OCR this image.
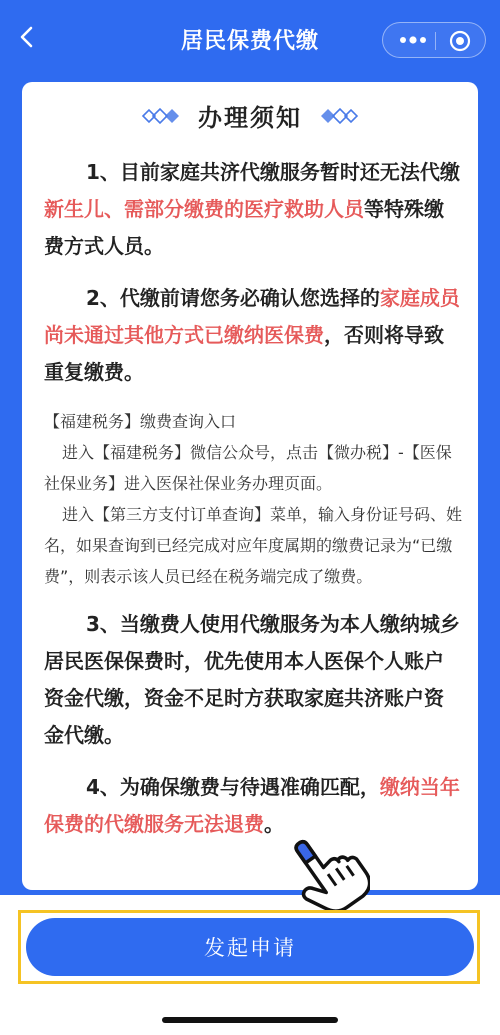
居民保费代缴
办理须知

1、目前家庭共济代缴服务暂时还无法代缴新生儿、需部分缴费的医疗救助人员等特殊缴费方式人员。

2、代缴前请您务必确认您选择的家庭成员尚未通过其他方式已缴纳医保费，否则将导致重复缴费。

【福建税务】缴费查询入口

进入【福建税务】微信公众号，点击【微办税】-【医保社保业务】进入医保社保业务办理页面。

进入【第三方支付订单查询】菜单，输入身份证号码、姓名，如果查询到已经完成对应年度属期的缴费记录为“已缴费”，则表示该人员已经在税务端完成了缴费。

3、当缴费人使用代缴服务为本人缴纳城乡居民医保保费时，优先使用本人医保个人账户资金代缴，资金不足时方获取家庭共济账户资金代缴。

4、为确保缴费与待遇准确匹配，缴纳当年保费的代缴服务无法退费。

发起申请
